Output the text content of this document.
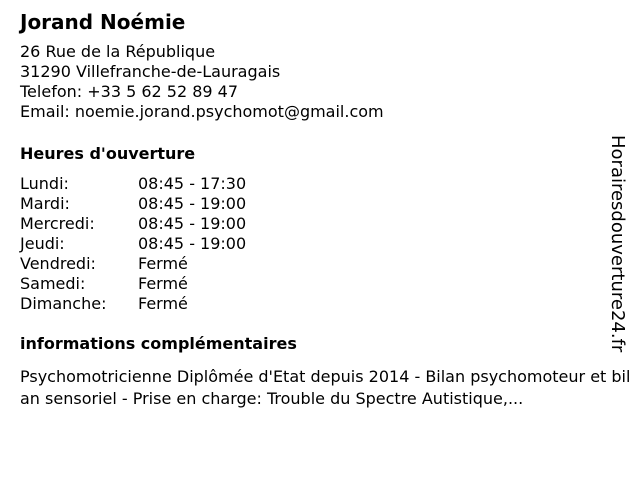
Jorand Noémie
26 Rue de la République
31290 Villefranche-de-Lauragais
Telefon: +33 5 62 52 89 47
Email: noemie.jorand.psychomot@gmail.com
Heures d'ouverture
Lundi:	08:45 - 17:30
Mardi:	08:45 - 19:00
Mercredi:	08:45 - 19:00
Jeudi:	08:45 - 19:00
Vendredi:	Fermé
Samedi:	Fermé
Dimanche:	Fermé
informations complémentaires
Psychomotricienne Diplômée d'Etat depuis 2014 - Bilan psychomoteur et bilan sensoriel - Prise en charge: Trouble du Spectre Autistique,...
Horairesdouverture24.fr
